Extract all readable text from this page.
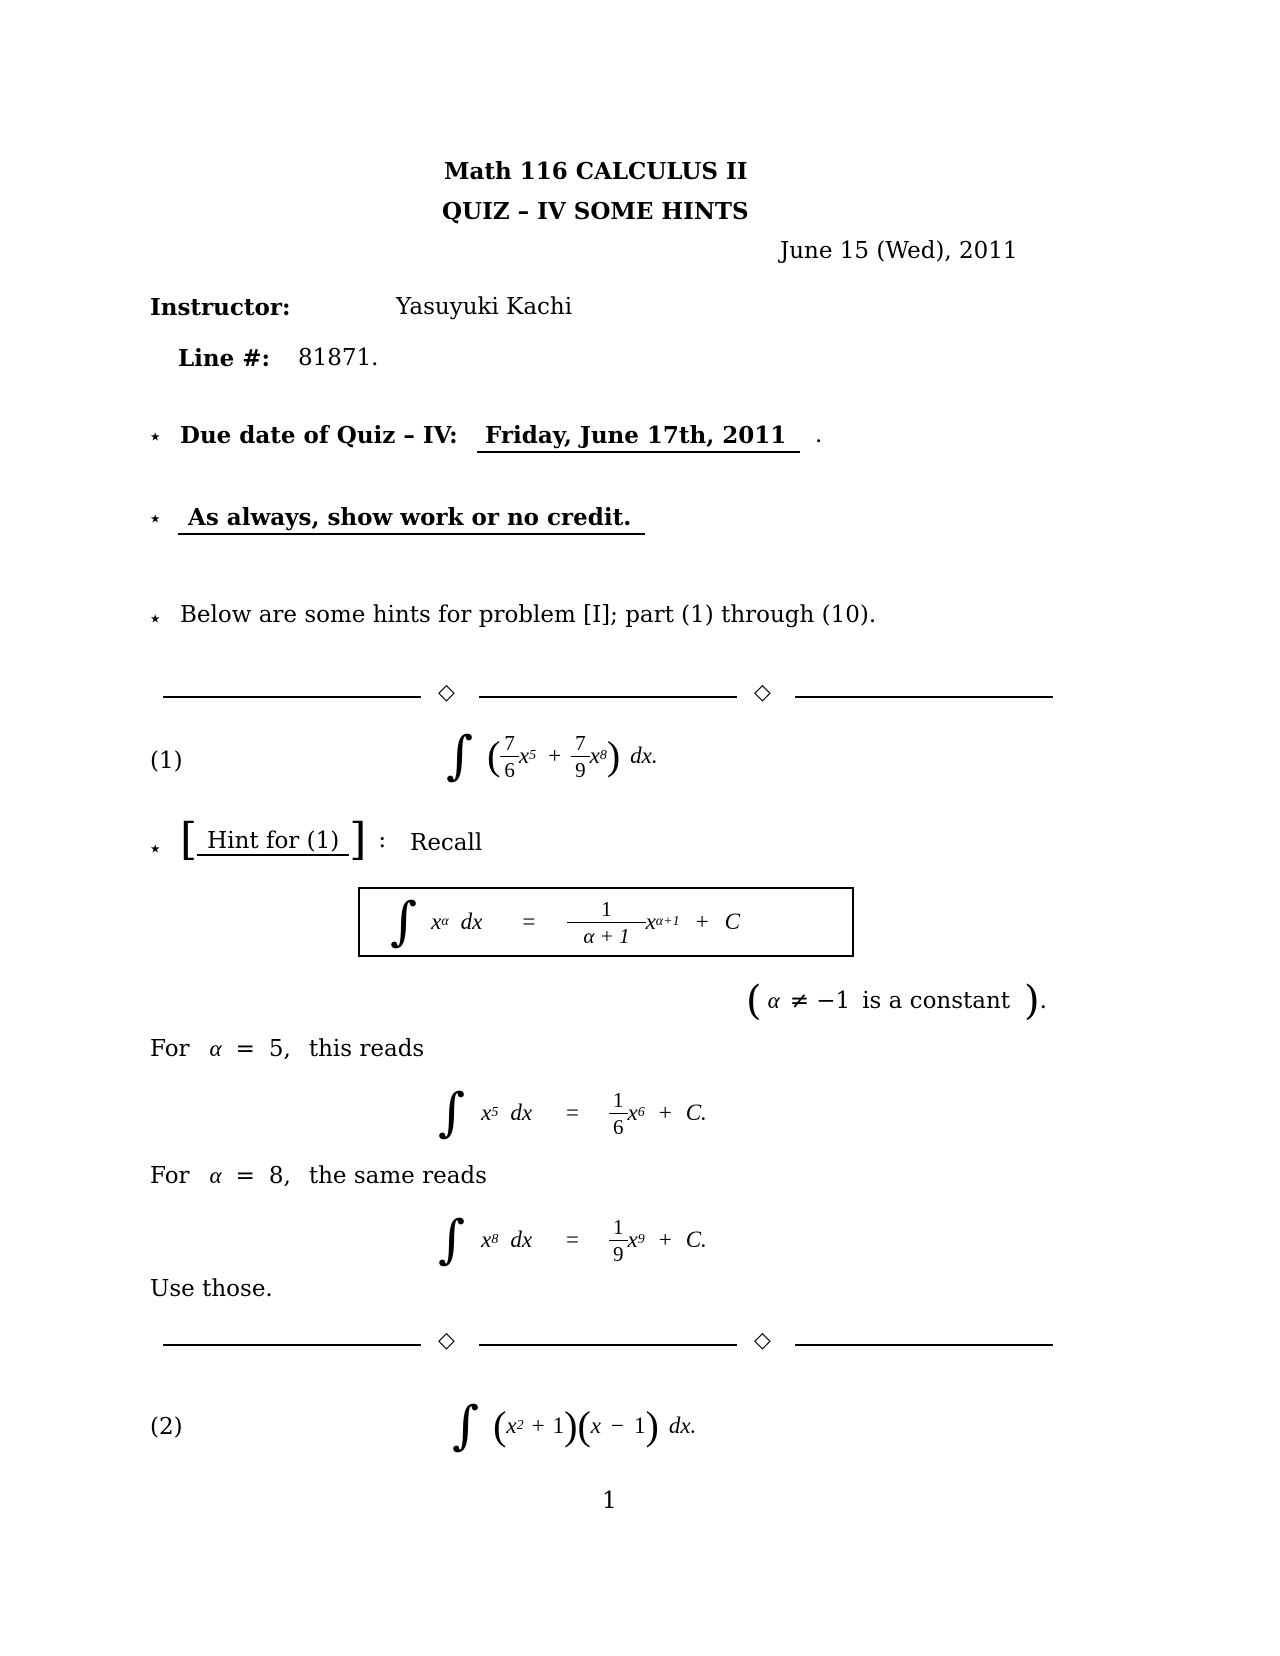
Math 116 CALCULUS II
QUIZ – IV SOME HINTS
June 15 (Wed), 2011
Instructor:	Yasuyuki Kachi
Line #: 81871.
⋆ Due date of Quiz – IV:	Friday, June 17th, 2011	.
⋆	As always, show work or no credit.
⋆ Below are some hints for problem [I]; part (1) through (10).
◇	◇
(1)	∫ ( $\frac{7}{6}$ x $5 + \frac{7}{9}$ x 8 ) dx.
⋆ [ Hint for (1) ] : Recall
∫ x α dx = $\frac{1}{\alpha + 1}$ x α+1 + C
( α ≠ −1 is a constant ) .
For α = 5, this reads
∫ x 5 dx = $\frac{1}{6}$ x 6 + C.
For α = 8, the same reads
∫ x 8 dx = $\frac{1}{9}$ x 9 + C.
Use those.
◇	◇
(2)	∫ ( x 2 + 1 ) ( x − 1 ) dx.
1
